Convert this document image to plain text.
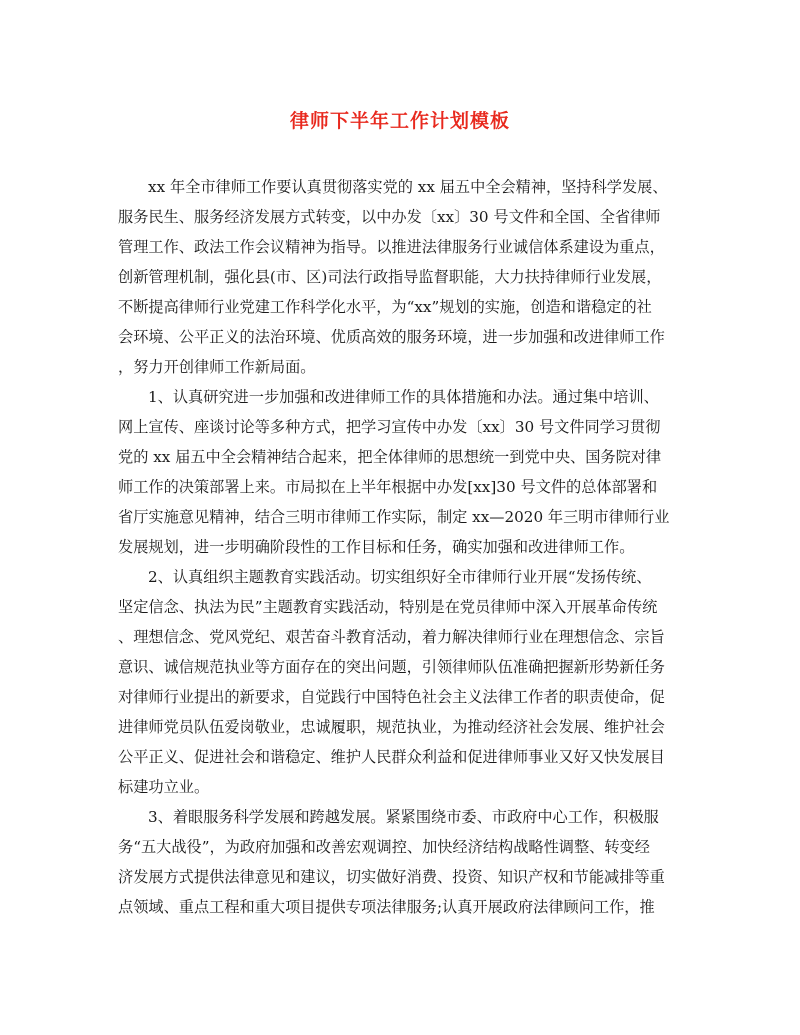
律师下半年工作计划模板

xx 年全市律师工作要认真贯彻落实党的 xx 届五中全会精神，坚持科学发展、

服务民生、服务经济发展方式转变，以中办发〔xx〕30 号文件和全国、全省律师

管理工作、政法工作会议精神为指导。以推进法律服务行业诚信体系建设为重点，

创新管理机制，强化县(市、区)司法行政指导监督职能，大力扶持律师行业发展，

不断提高律师行业党建工作科学化水平，为“xx”规划的实施，创造和谐稳定的社

会环境、公平正义的法治环境、优质高效的服务环境，进一步加强和改进律师工作

，努力开创律师工作新局面。

1、认真研究进一步加强和改进律师工作的具体措施和办法。通过集中培训、

网上宣传、座谈讨论等多种方式，把学习宣传中办发〔xx〕30 号文件同学习贯彻

党的 xx 届五中全会精神结合起来，把全体律师的思想统一到党中央、国务院对律

师工作的决策部署上来。市局拟在上半年根据中办发[xx]30 号文件的总体部署和

省厅实施意见精神，结合三明市律师工作实际，制定 xx—2020 年三明市律师行业

发展规划，进一步明确阶段性的工作目标和任务，确实加强和改进律师工作。

2、认真组织主题教育实践活动。切实组织好全市律师行业开展“发扬传统、

坚定信念、执法为民”主题教育实践活动，特别是在党员律师中深入开展革命传统

、理想信念、党风党纪、艰苦奋斗教育活动，着力解决律师行业在理想信念、宗旨

意识、诚信规范执业等方面存在的突出问题，引领律师队伍准确把握新形势新任务

对律师行业提出的新要求，自觉践行中国特色社会主义法律工作者的职责使命，促

进律师党员队伍爱岗敬业，忠诚履职，规范执业，为推动经济社会发展、维护社会

公平正义、促进社会和谐稳定、维护人民群众利益和促进律师事业又好又快发展目

标建功立业。

3、着眼服务科学发展和跨越发展。紧紧围绕市委、市政府中心工作，积极服

务“五大战役”，为政府加强和改善宏观调控、加快经济结构战略性调整、转变经

济发展方式提供法律意见和建议，切实做好消费、投资、知识产权和节能减排等重

点领域、重点工程和重大项目提供专项法律服务;认真开展政府法律顾问工作，推
